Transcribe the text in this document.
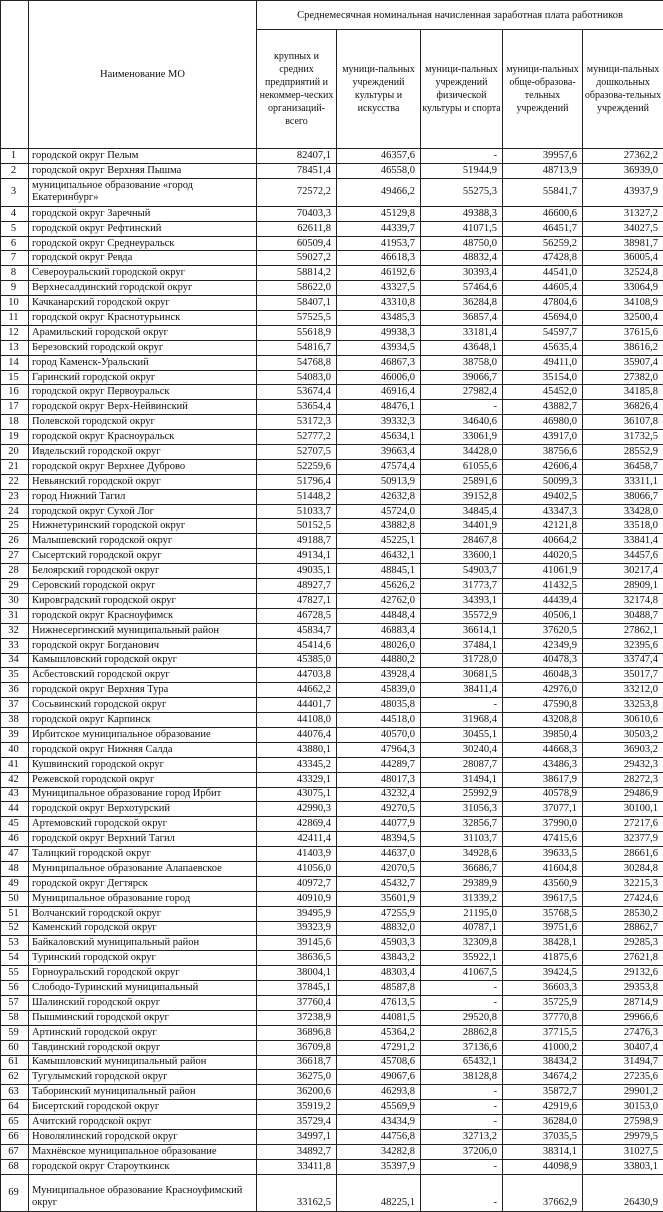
	Наименование МО	Среднемесячная номинальная начисленная заработная плата работников				
		крупных и средних предприятий и некоммер-ческих организаций-всего	муници-пальных учреждений культуры и искусства	муници-пальных учреждений физической культуры и спорта	муници-пальных обще-образова-тельных учреждений	муници-пальных дошкольных образова-тельных учреждений
1	городской округ Пелым	82407,1	46357,6	-	39957,6	27362,2
2	городской округ Верхняя Пышма	78451,4	46558,0	51944,9	48713,9	36939,0
3	муниципальное образование «город Екатеринбург»	72572,2	49466,2	55275,3	55841,7	43937,9
4	городской округ Заречный	70403,3	45129,8	49388,3	46600,6	31327,2
5	городской округ Рефтинский	62611,8	44339,7	41071,5	46451,7	34027,5
6	городской округ Среднеуральск	60509,4	41953,7	48750,0	56259,2	38981,7
7	городской округ Ревда	59027,2	46618,3	48832,4	47428,8	36005,4
8	Североуральский городской округ	58814,2	46192,6	30393,4	44541,0	32524,8
9	Верхнесалдинский городской округ	58622,0	43327,5	57464,6	44605,4	33064,9
10	Качканарский городской округ	58407,1	43310,8	36284,8	47804,6	34108,9
11	городской округ Краснотурьинск	57525,5	43485,3	36857,4	45694,0	32500,4
12	Арамильский городской округ	55618,9	49938,3	33181,4	54597,7	37615,6
13	Березовский городской округ	54816,7	43934,5	43648,1	45635,4	38616,2
14	город Каменск-Уральский	54768,8	46867,3	38758,0	49411,0	35907,4
15	Гаринский городской округ	54083,0	46006,0	39066,7	35154,0	27382,0
16	городской округ Первоуральск	53674,4	46916,4	27982,4	45452,0	34185,8
17	городской округ Верх-Нейвинский	53654,4	48476,1	-	43882,7	36826,4
18	Полевской городской округ	53172,3	39332,3	34640,6	46980,0	36107,8
19	городской округ Красноуральск	52777,2	45634,1	33061,9	43917,0	31732,5
20	Ивдельский городской округ	52707,5	39663,4	34428,0	38756,6	28552,9
21	городской округ Верхнее Дуброво	52259,6	47574,4	61055,6	42606,4	36458,7
22	Невьянский городской округ	51796,4	50913,9	25891,6	50099,3	33311,1
23	город Нижний Тагил	51448,2	42632,8	39152,8	49402,5	38066,7
24	городской округ Сухой Лог	51033,7	45724,0	34845,4	43347,3	33428,0
25	Нижнетуринский городской округ	50152,5	43882,8	34401,9	42121,8	33518,0
26	Малышевский городской округ	49188,7	45225,1	28467,8	40664,2	33841,4
27	Сысертский городской округ	49134,1	46432,1	33600,1	44020,5	34457,6
28	Белоярский городской округ	49035,1	48845,1	54903,7	41061,9	30217,4
29	Серовский городской округ	48927,7	45626,2	31773,7	41432,5	28909,1
30	Кировградский городской округ	47827,1	42762,0	34393,1	44439,4	32174,8
31	городской округ Красноуфимск	46728,5	44848,4	35572,9	40506,1	30488,7
32	Нижнесергинский муниципальный район	45834,7	46883,4	36614,1	37620,5	27862,1
33	городской округ Богданович	45414,6	48026,0	37484,1	42349,9	32395,6
34	Камышловский городской округ	45385,0	44880,2	31728,0	40478,3	33747,4
35	Асбестовский городской округ	44703,8	43928,4	30681,5	46048,3	35017,7
36	городской округ Верхняя Тура	44662,2	45839,0	38411,4	42976,0	33212,0
37	Сосьвинский городской округ	44401,7	48035,8	-	47590,8	33253,8
38	городской округ Карпинск	44108,0	44518,0	31968,4	43208,8	30610,6
39	Ирбитское муниципальное образование	44076,4	40570,0	30455,1	39850,4	30503,2
40	городской округ Нижняя Салда	43880,1	47964,3	30240,4	44668,3	36903,2
41	Кушвинский городской округ	43345,2	44289,7	28087,7	43486,3	29432,3
42	Режевской городской округ	43329,1	48017,3	31494,1	38617,9	28272,3
43	Муниципальное образование город Ирбит	43075,1	43232,4	25992,9	40578,9	29486,9
44	городской округ Верхотурский	42990,3	49270,5	31056,3	37077,1	30100,1
45	Артемовский городской округ	42869,4	44077,9	32856,7	37990,0	27217,6
46	городской округ Верхний Тагил	42411,4	48394,5	31103,7	47415,6	32377,9
47	Талицкий городской округ	41403,9	44637,0	34928,6	39633,5	28661,6
48	Муниципальное образование Алапаевское	41056,0	42070,5	36686,7	41604,8	30284,8
49	городской округ Дегтярск	40972,7	45432,7	29389,9	43560,9	32215,3
50	Муниципальное образование город	40910,9	35601,9	31339,2	39617,5	27424,6
51	Волчанский городской округ	39495,9	47255,9	21195,0	35768,5	28530,2
52	Каменский городской округ	39323,9	48832,0	40787,1	39751,6	28862,7
53	Байкаловский муниципальный район	39145,6	45903,3	32309,8	38428,1	29285,3
54	Туринский городской округ	38636,5	43843,2	35922,1	41875,6	27621,8
55	Горноуральский городской округ	38004,1	48303,4	41067,5	39424,5	29132,6
56	Слободо-Туринский муниципальный	37845,1	48587,8	-	36603,3	29353,8
57	Шалинский городской округ	37760,4	47613,5	-	35725,9	28714,9
58	Пышминский городской округ	37238,9	44081,5	29520,8	37770,8	29966,6
59	Артинский городской округ	36896,8	45364,2	28862,8	37715,5	27476,3
60	Тавдинский городской округ	36709,8	47291,2	37136,6	41000,2	30407,4
61	Камышловский муниципальный район	36618,7	45708,6	65432,1	38434,2	31494,7
62	Тугулымский городской округ	36275,0	49067,6	38128,8	34674,2	27235,6
63	Таборинский муниципальный район	36200,6	46293,8	-	35872,7	29901,2
64	Бисертский городской округ	35919,2	45569,9	-	42919,6	30153,0
65	Ачитский городской округ	35729,4	43434,9	-	36284,0	27598,9
66	Новолялинский городской округ	34997,1	44756,8	32713,2	37035,5	29979,5
67	Махнёвское муниципальное образование	34892,7	34282,8	37206,0	38314,1	31027,5
68	городской округ Староуткинск	33411,8	35397,9	-	44098,9	33803,1
69	Муниципальное образование Красноуфимский округ	33162,5	48225,1	-	37662,9	26430,9
